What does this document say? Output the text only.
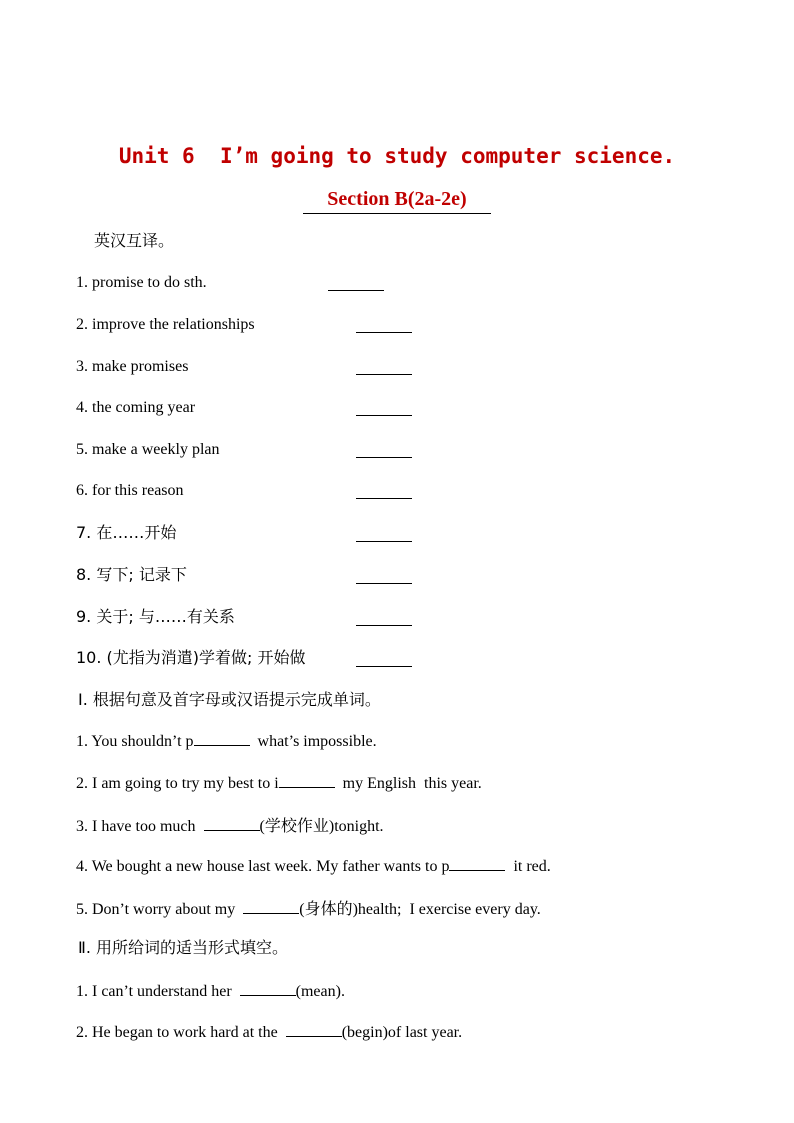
Unit 6  I’m going to study computer science.
Section B(2a-2e)
英汉互译。
1. promise to do sth.
2. improve the relationships
3. make promises
4. the coming year
5. make a weekly plan
6. for this reason
7. 在……开始
8. 写下; 记录下
9. 关于; 与……有关系
10. (尤指为消遣)学着做; 开始做
Ⅰ. 根据句意及首字母或汉语提示完成单词。
1. You shouldn’t p	what’s impossible.
2. I am going to try my best to i	my English  this year.
3. I have too much	(学校作业)tonight.
4. We bought a new house last week. My father wants to p	it red.
5. Don’t worry about my	(身体的)health;  I exercise every day.
Ⅱ. 用所给词的适当形式填空。
1. I can’t understand her	(mean).
2. He began to work hard at the	(begin)of last year.
